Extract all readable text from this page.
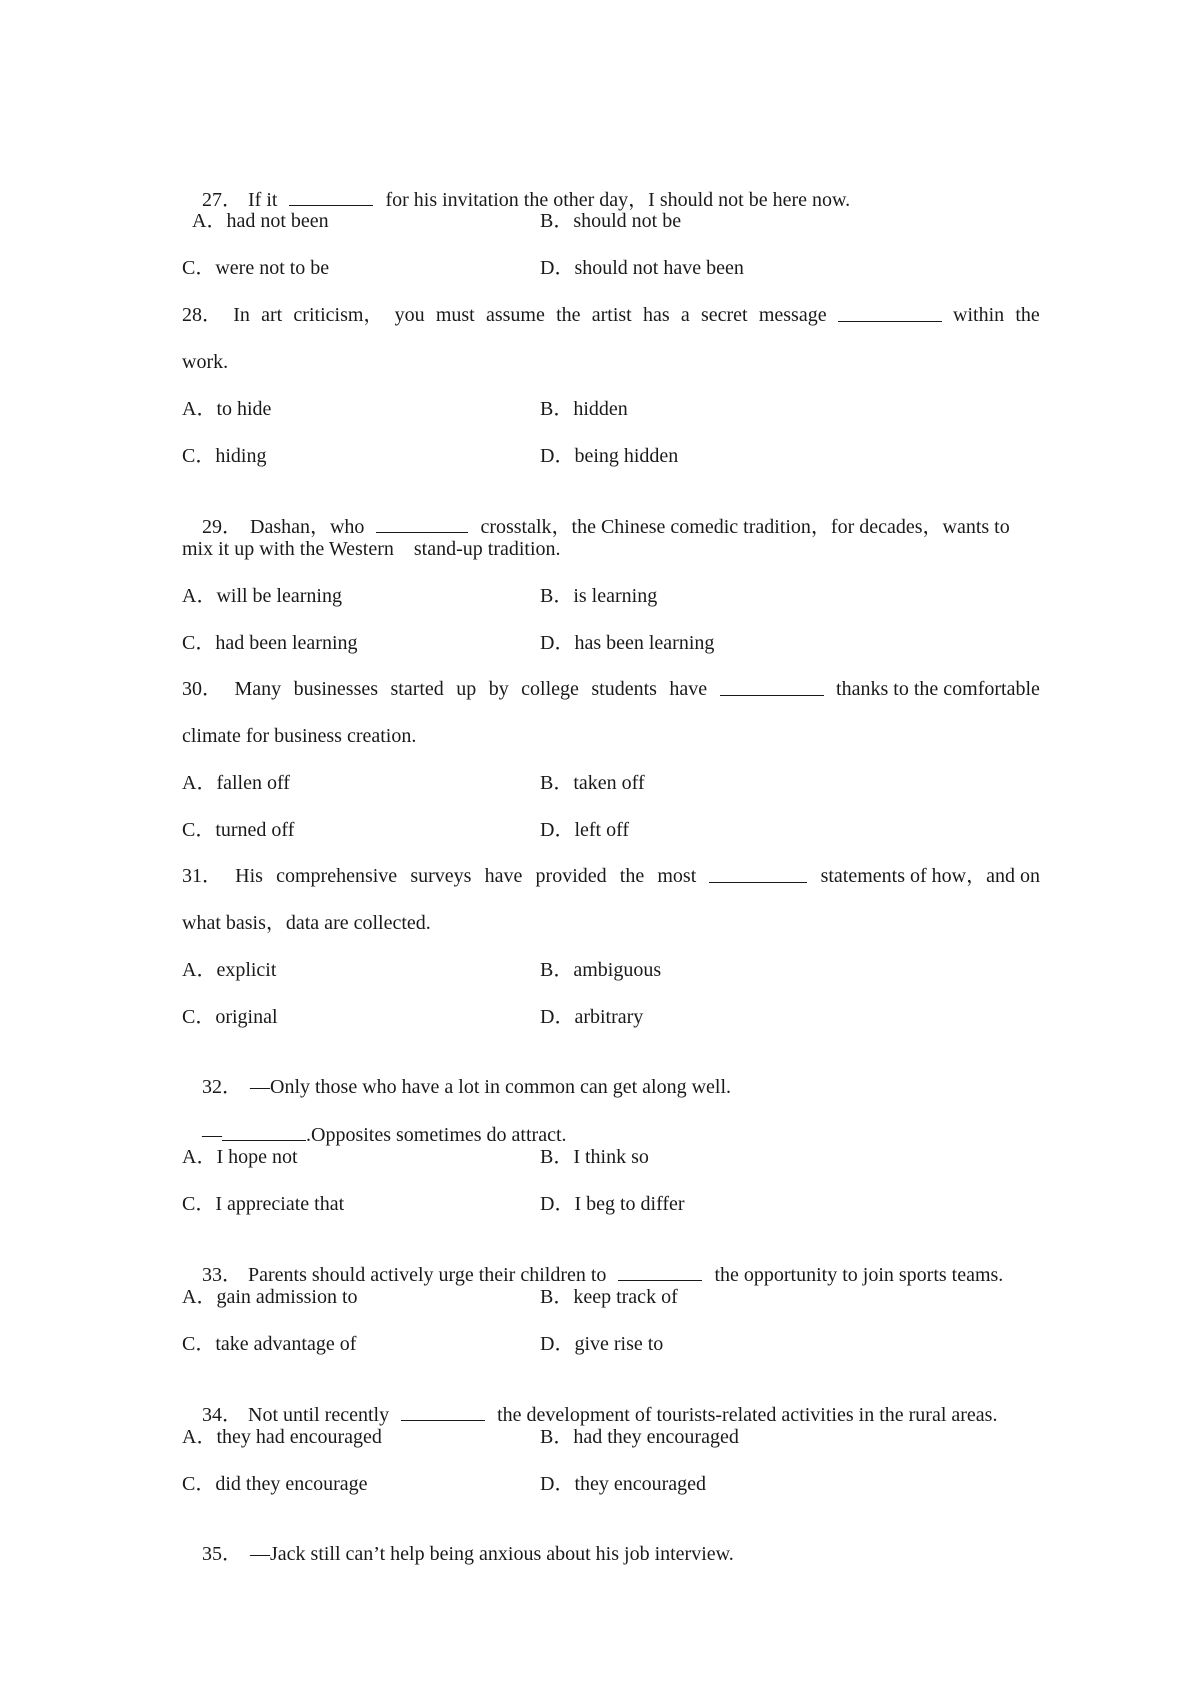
27． If it	for his invitation the other day，I should not be here now.

A．had not been	B．should not be
C．were not to be	D．should not have been
28． In art criticism， you must assume the artist has a secret message	within the
work.
A．to hide	B．hidden
C．hiding	D．being hidden

29． Dashan，who	crosstalk，the Chinese comedic tradition，for decades，wants to

mix it up with the Western    stand-up tradition.
A．will be learning	B．is learning
C．had been learning	D．has been learning
30． Many businesses started up by college students have	thanks to the comfortable
climate for business creation.
A．fallen off	B．taken off
C．turned off	D．left off
31． His comprehensive surveys have provided the most	statements of how，and on
what basis，data are collected.
A．explicit	B．ambiguous
C．original	D．arbitrary

32． —Only those who have a lot in common can get along well.

—	.Opposites sometimes do attract.

A．I hope not	B．I think so
C．I appreciate that	D．I beg to differ

33． Parents should actively urge their children to	the opportunity to join sports teams.

A．gain admission to	B．keep track of
C．take advantage of	D．give rise to

34． Not until recently	the development of tourists-related activities in the rural areas.

A．they had encouraged	B．had they encouraged
C．did they encourage	D．they encouraged

35． —Jack still can’t help being anxious about his job interview.
